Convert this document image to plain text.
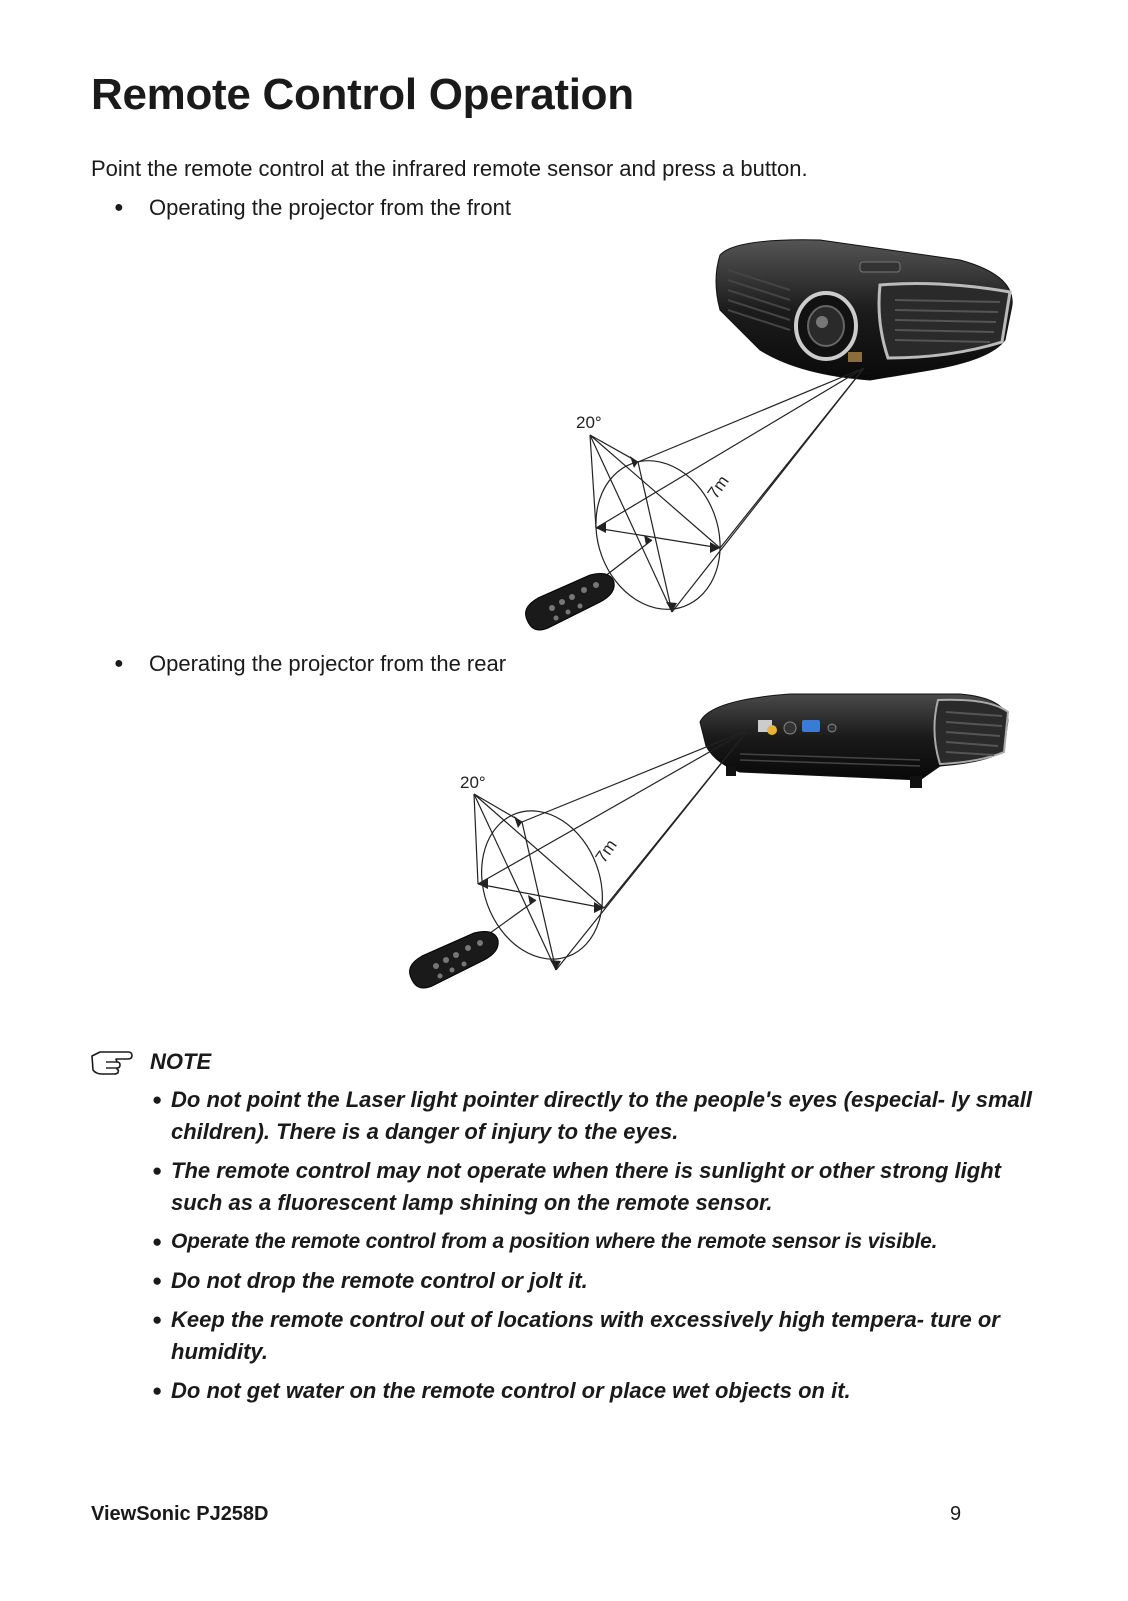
Remote Control Operation
Point the remote control at the infrared remote sensor and press a button.
●	Operating the projector from the front
20°
7m
●	Operating the projector from the rear
20°
7m
NOTE
● Do not point the Laser light pointer directly to the people's eyes (especial- ly small children). There is a danger of injury to the eyes.
● The remote control may not operate when there is sunlight or other strong light such as a fluorescent lamp shining on the remote sensor.
● Operate the remote control from a position where the remote sensor is visible.
● Do not drop the remote control or jolt it.
● Keep the remote control out of locations with excessively high tempera- ture or humidity.
● Do not get water on the remote control or place wet objects on it.
ViewSonic PJ258D	9
